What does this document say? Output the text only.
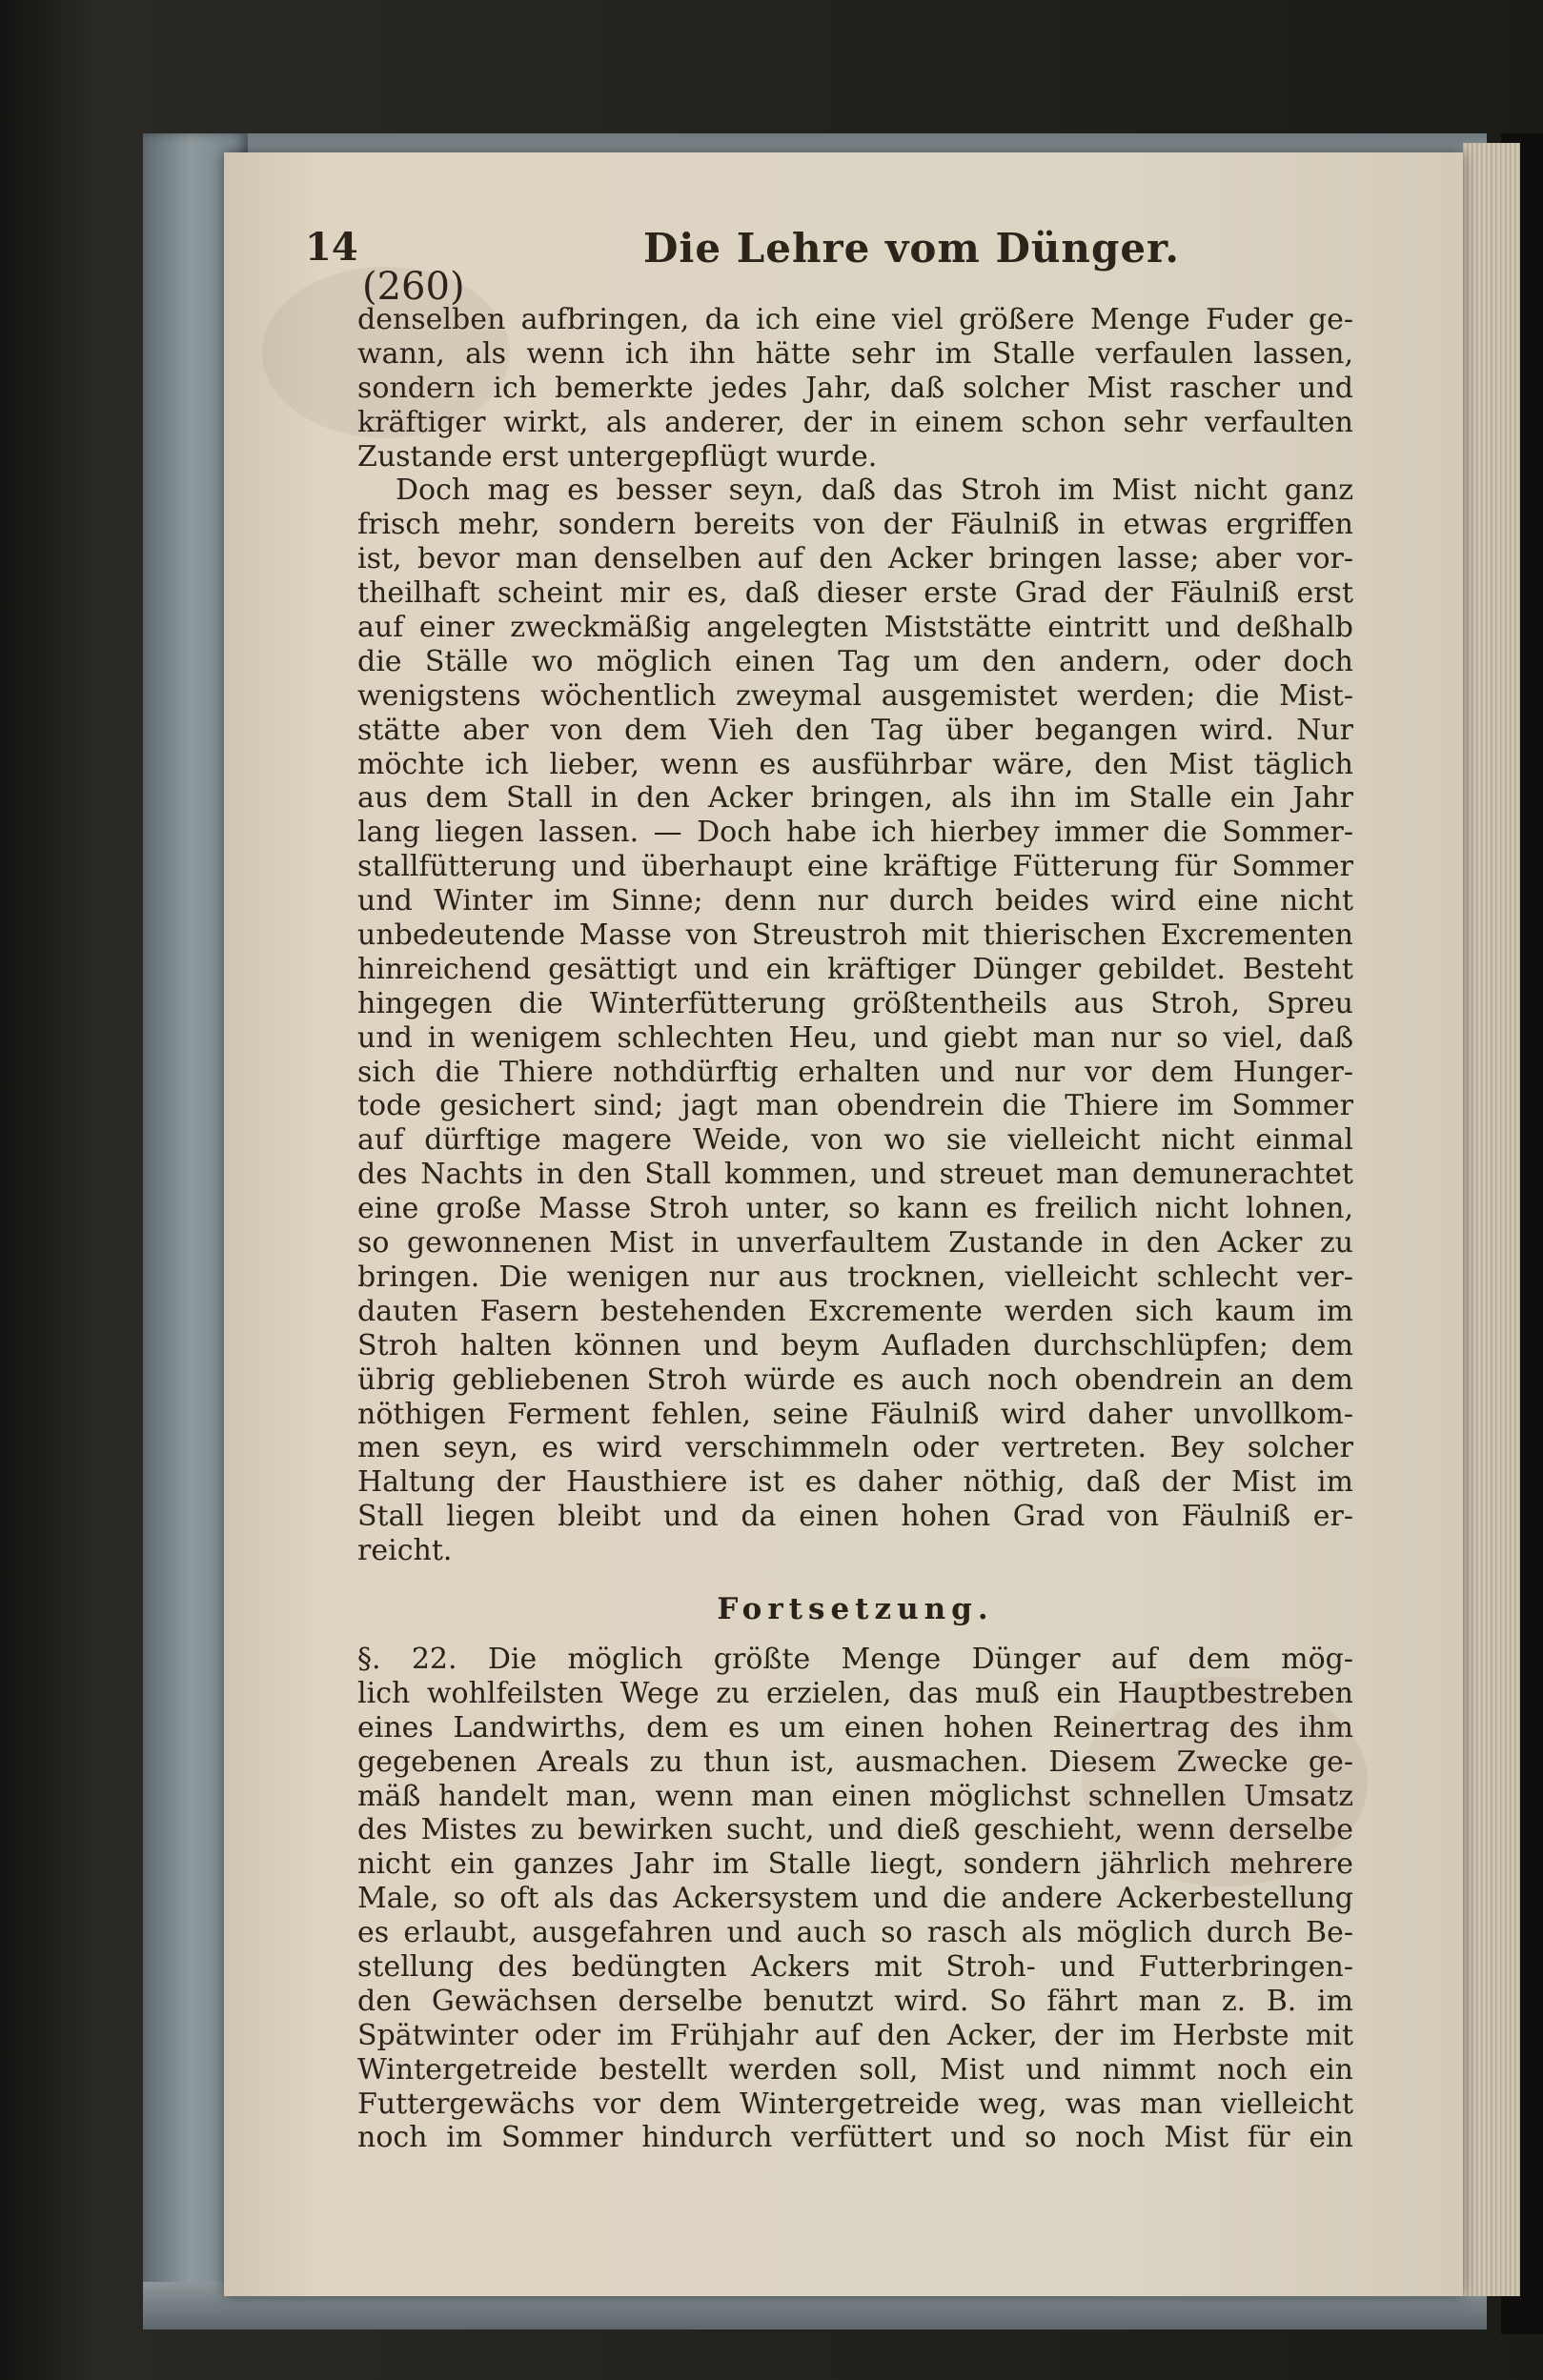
14	Die Lehre vom Dünger.
(260)
denselben aufbringen, da ich eine viel größere Menge Fuder ge-
wann, als wenn ich ihn hätte sehr im Stalle verfaulen lassen,
sondern ich bemerkte jedes Jahr, daß solcher Mist rascher und
kräftiger wirkt, als anderer, der in einem schon sehr verfaulten
Zustande erst untergepflügt wurde.
Doch mag es besser seyn, daß das Stroh im Mist nicht ganz
frisch mehr, sondern bereits von der Fäulniß in etwas ergriffen
ist, bevor man denselben auf den Acker bringen lasse; aber vor-
theilhaft scheint mir es, daß dieser erste Grad der Fäulniß erst
auf einer zweckmäßig angelegten Miststätte eintritt und deßhalb
die Ställe wo möglich einen Tag um den andern, oder doch
wenigstens wöchentlich zweymal ausgemistet werden; die Mist-
stätte aber von dem Vieh den Tag über begangen wird. Nur
möchte ich lieber, wenn es ausführbar wäre, den Mist täglich
aus dem Stall in den Acker bringen, als ihn im Stalle ein Jahr
lang liegen lassen. — Doch habe ich hierbey immer die Sommer-
stallfütterung und überhaupt eine kräftige Fütterung für Sommer
und Winter im Sinne; denn nur durch beides wird eine nicht
unbedeutende Masse von Streustroh mit thierischen Excrementen
hinreichend gesättigt und ein kräftiger Dünger gebildet. Besteht
hingegen die Winterfütterung größtentheils aus Stroh, Spreu
und in wenigem schlechten Heu, und giebt man nur so viel, daß
sich die Thiere nothdürftig erhalten und nur vor dem Hunger-
tode gesichert sind; jagt man obendrein die Thiere im Sommer
auf dürftige magere Weide, von wo sie vielleicht nicht einmal
des Nachts in den Stall kommen, und streuet man demunerachtet
eine große Masse Stroh unter, so kann es freilich nicht lohnen,
so gewonnenen Mist in unverfaultem Zustande in den Acker zu
bringen. Die wenigen nur aus trocknen, vielleicht schlecht ver-
dauten Fasern bestehenden Excremente werden sich kaum im
Stroh halten können und beym Aufladen durchschlüpfen; dem
übrig gebliebenen Stroh würde es auch noch obendrein an dem
nöthigen Ferment fehlen, seine Fäulniß wird daher unvollkom-
men seyn, es wird verschimmeln oder vertreten. Bey solcher
Haltung der Hausthiere ist es daher nöthig, daß der Mist im
Stall liegen bleibt und da einen hohen Grad von Fäulniß er-
reicht.
Fortsetzung.
§. 22. Die möglich größte Menge Dünger auf dem mög-
lich wohlfeilsten Wege zu erzielen, das muß ein Hauptbestreben
eines Landwirths, dem es um einen hohen Reinertrag des ihm
gegebenen Areals zu thun ist, ausmachen. Diesem Zwecke ge-
mäß handelt man, wenn man einen möglichst schnellen Umsatz
des Mistes zu bewirken sucht, und dieß geschieht, wenn derselbe
nicht ein ganzes Jahr im Stalle liegt, sondern jährlich mehrere
Male, so oft als das Ackersystem und die andere Ackerbestellung
es erlaubt, ausgefahren und auch so rasch als möglich durch Be-
stellung des bedüngten Ackers mit Stroh- und Futterbringen-
den Gewächsen derselbe benutzt wird. So fährt man z. B. im
Spätwinter oder im Frühjahr auf den Acker, der im Herbste mit
Wintergetreide bestellt werden soll, Mist und nimmt noch ein
Futtergewächs vor dem Wintergetreide weg, was man vielleicht
noch im Sommer hindurch verfüttert und so noch Mist für ein
